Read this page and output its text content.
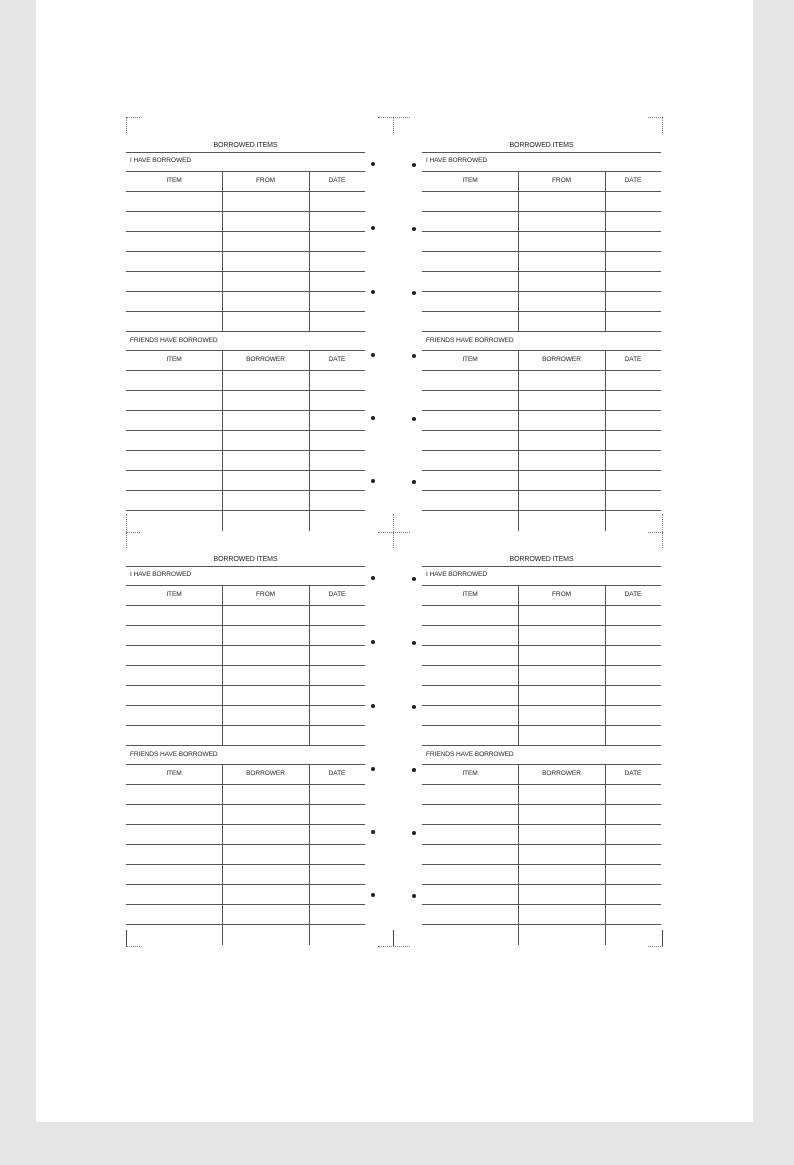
BORROWED ITEMS
I HAVE BORROWED
ITEM	FROM	DATE
FRIENDS HAVE BORROWED
ITEM	BORROWER	DATE
BORROWED ITEMS
I HAVE BORROWED
ITEM	FROM	DATE
FRIENDS HAVE BORROWED
ITEM	BORROWER	DATE
BORROWED ITEMS
I HAVE BORROWED
ITEM	FROM	DATE
FRIENDS HAVE BORROWED
ITEM	BORROWER	DATE
BORROWED ITEMS
I HAVE BORROWED
ITEM	FROM	DATE
FRIENDS HAVE BORROWED
ITEM	BORROWER	DATE
